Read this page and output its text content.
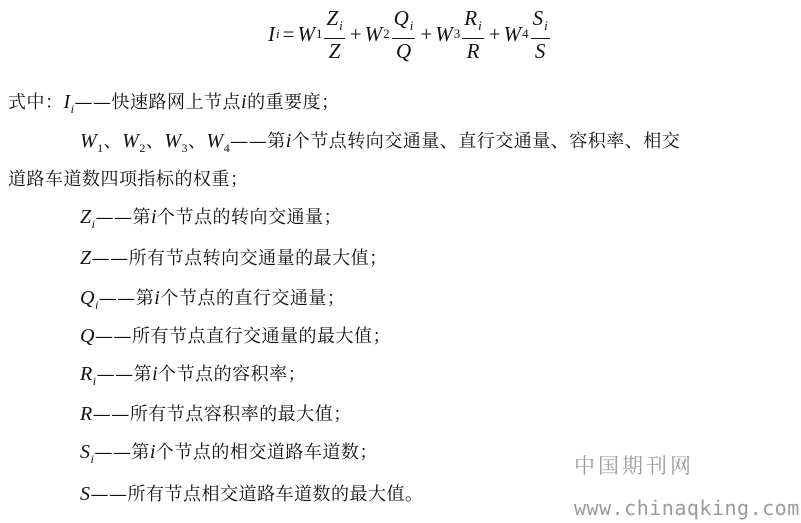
I i = W $1 \frac{Z_i}{Z} + W$ $2 \frac{Q_i}{Q} + W$ $3 \frac{R_i}{R} + W$ $4 \frac{S_i}{S}$
式中：$I_i——$快速路网上节点i的重要度；
$W_1$、$W_2$、$W_3$、$W_4——$第i个节点转向交通量、直行交通量、容积率、相交
道路车道数四项指标的权重；
$Z_i——$第i个节点的转向交通量；
Z——所有节点转向交通量的最大值；
$Q_i——$第i个节点的直行交通量；
Q——所有节点直行交通量的最大值；
$R_i——$第i个节点的容积率；
R——所有节点容积率的最大值；
$S_i——$第i个节点的相交道路车道数；
S——所有节点相交道路车道数的最大值。
中国期刊网
www.chinaqking.com
